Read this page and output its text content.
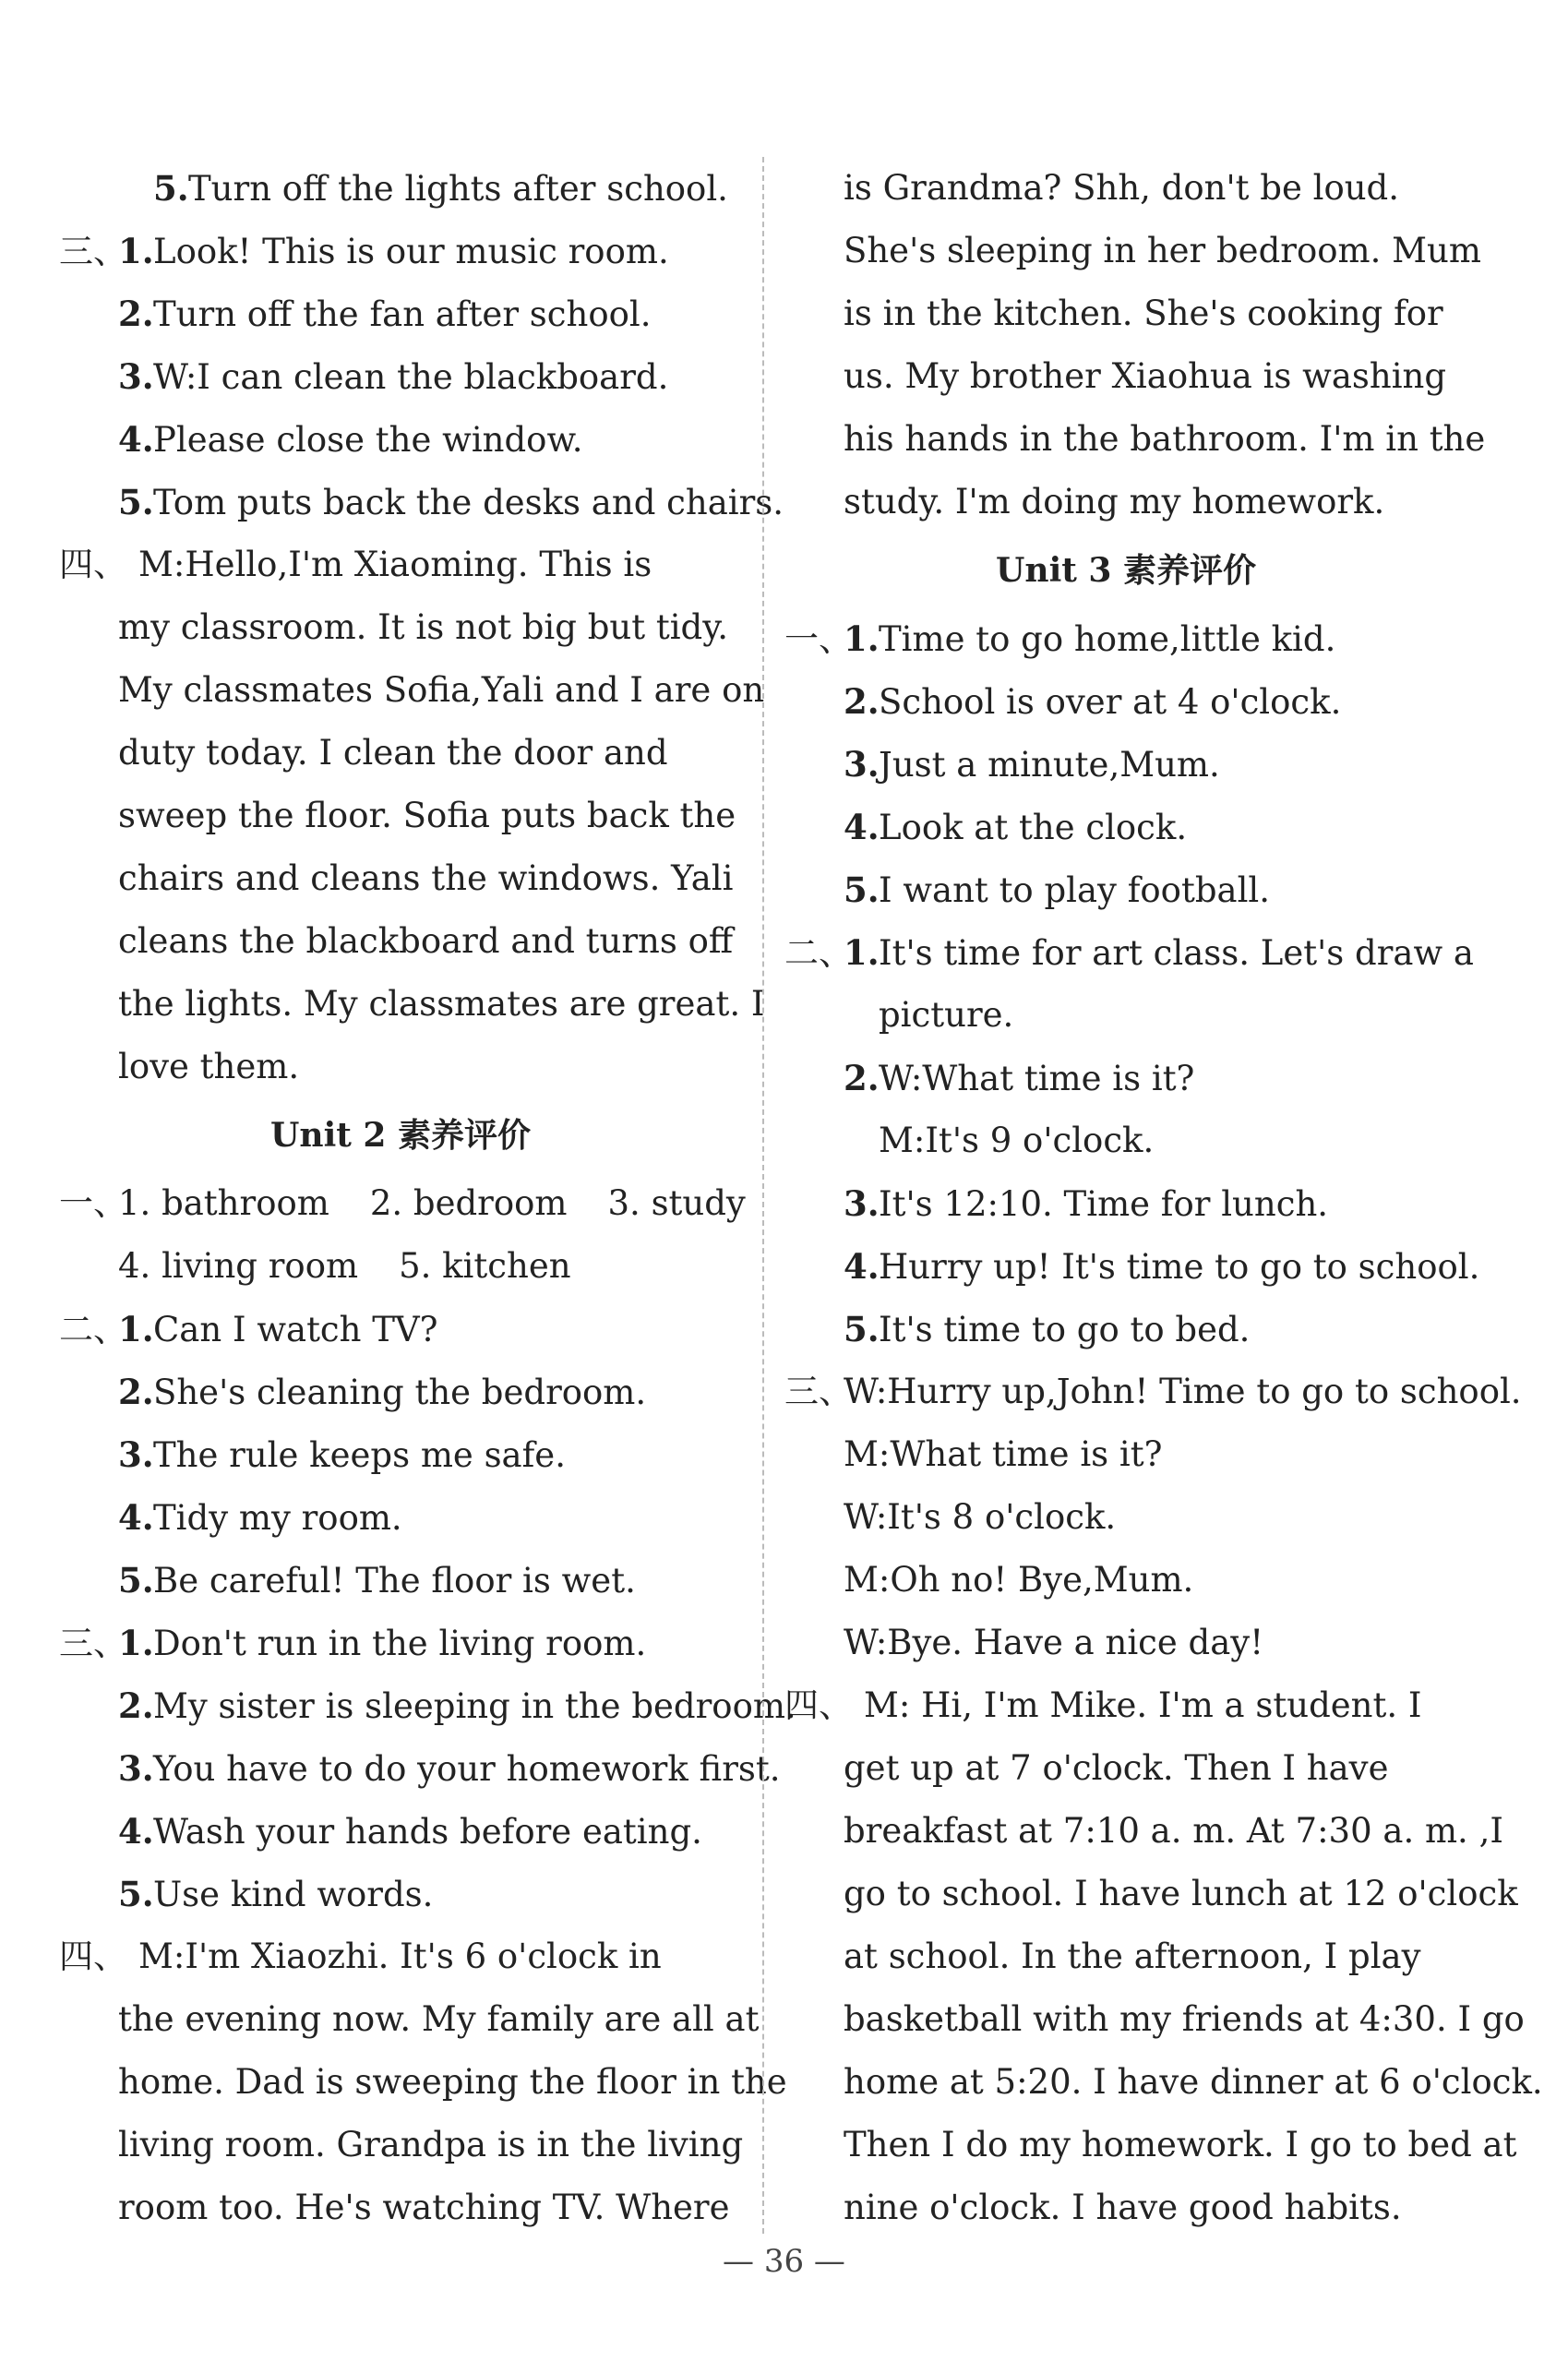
5.Turn off the lights after school.
三、1.Look! This is our music room.
2.Turn off the fan after school.
3.W:I can clean the blackboard.
4.Please close the window.
5.Tom puts back the desks and chairs.
四、 M:Hello,I'm Xiaoming. This is
my classroom. It is not big but tidy.
My classmates Sofia,Yali and I are on
duty today. I clean the door and
sweep the floor. Sofia puts back the
chairs and cleans the windows. Yali
cleans the blackboard and turns off
the lights. My classmates are great. I
love them.
Unit 2 素养评价
一、1. bathroom 2. bedroom 3. study
4. living room 5. kitchen
二、1.Can I watch TV?
2.She's cleaning the bedroom.
3.The rule keeps me safe.
4.Tidy my room.
5.Be careful! The floor is wet.
三、1.Don't run in the living room.
2.My sister is sleeping in the bedroom.
3.You have to do your homework first.
4.Wash your hands before eating.
5.Use kind words.
四、 M:I'm Xiaozhi. It's 6 o'clock in
the evening now. My family are all at
home. Dad is sweeping the floor in the
living room. Grandpa is in the living
room too. He's watching TV. Where
is Grandma? Shh, don't be loud.
She's sleeping in her bedroom. Mum
is in the kitchen. She's cooking for
us. My brother Xiaohua is washing
his hands in the bathroom. I'm in the
study. I'm doing my homework.
Unit 3 素养评价
一、1.Time to go home,little kid.
2.School is over at 4 o'clock.
3.Just a minute,Mum.
4.Look at the clock.
5.I want to play football.
二、1.It's time for art class. Let's draw a
picture.
2.W:What time is it?
M:It's 9 o'clock.
3.It's 12:10. Time for lunch.
4.Hurry up! It's time to go to school.
5.It's time to go to bed.
三、W:Hurry up,John! Time to go to school.
M:What time is it?
W:It's 8 o'clock.
M:Oh no! Bye,Mum.
W:Bye. Have a nice day!
四、 M: Hi, I'm Mike. I'm a student. I
get up at 7 o'clock. Then I have
breakfast at 7:10 a. m. At 7:30 a. m. ,I
go to school. I have lunch at 12 o'clock
at school. In the afternoon, I play
basketball with my friends at 4:30. I go
home at 5:20. I have dinner at 6 o'clock.
Then I do my homework. I go to bed at
nine o'clock. I have good habits.
— 36 —
